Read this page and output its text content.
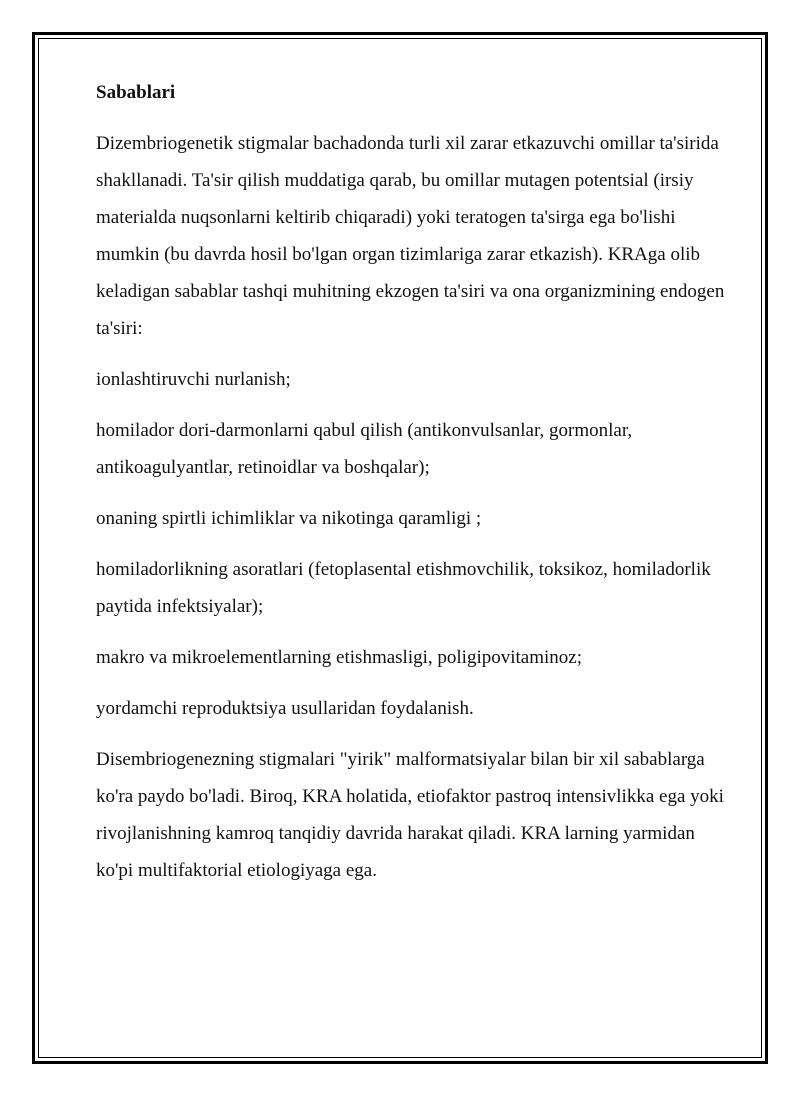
Sabablari

Dizembriogenetik stigmalar bachadonda turli xil zarar etkazuvchi omillar ta'sirida shakllanadi. Ta'sir qilish muddatiga qarab, bu omillar mutagen potentsial (irsiy materialda nuqsonlarni keltirib chiqaradi) yoki teratogen ta'sirga ega bo'lishi mumkin (bu davrda hosil bo'lgan organ tizimlariga zarar etkazish). KRAga olib keladigan sabablar tashqi muhitning ekzogen ta'siri va ona organizmining endogen ta'siri:

ionlashtiruvchi nurlanish;

homilador dori-darmonlarni qabul qilish (antikonvulsanlar, gormonlar, antikoagulyantlar, retinoidlar va boshqalar);

onaning spirtli ichimliklar va nikotinga qaramligi ;

homiladorlikning asoratlari (fetoplasental etishmovchilik, toksikoz, homiladorlik paytida infektsiyalar);

makro va mikroelementlarning etishmasligi, poligipovitaminoz;

yordamchi reproduktsiya usullaridan foydalanish.

Disembriogenezning stigmalari "yirik" malformatsiyalar bilan bir xil sabablarga ko'ra paydo bo'ladi. Biroq, KRA holatida, etiofaktor pastroq intensivlikka ega yoki rivojlanishning kamroq tanqidiy davrida harakat qiladi. KRA larning yarmidan ko'pi multifaktorial etiologiyaga ega.
